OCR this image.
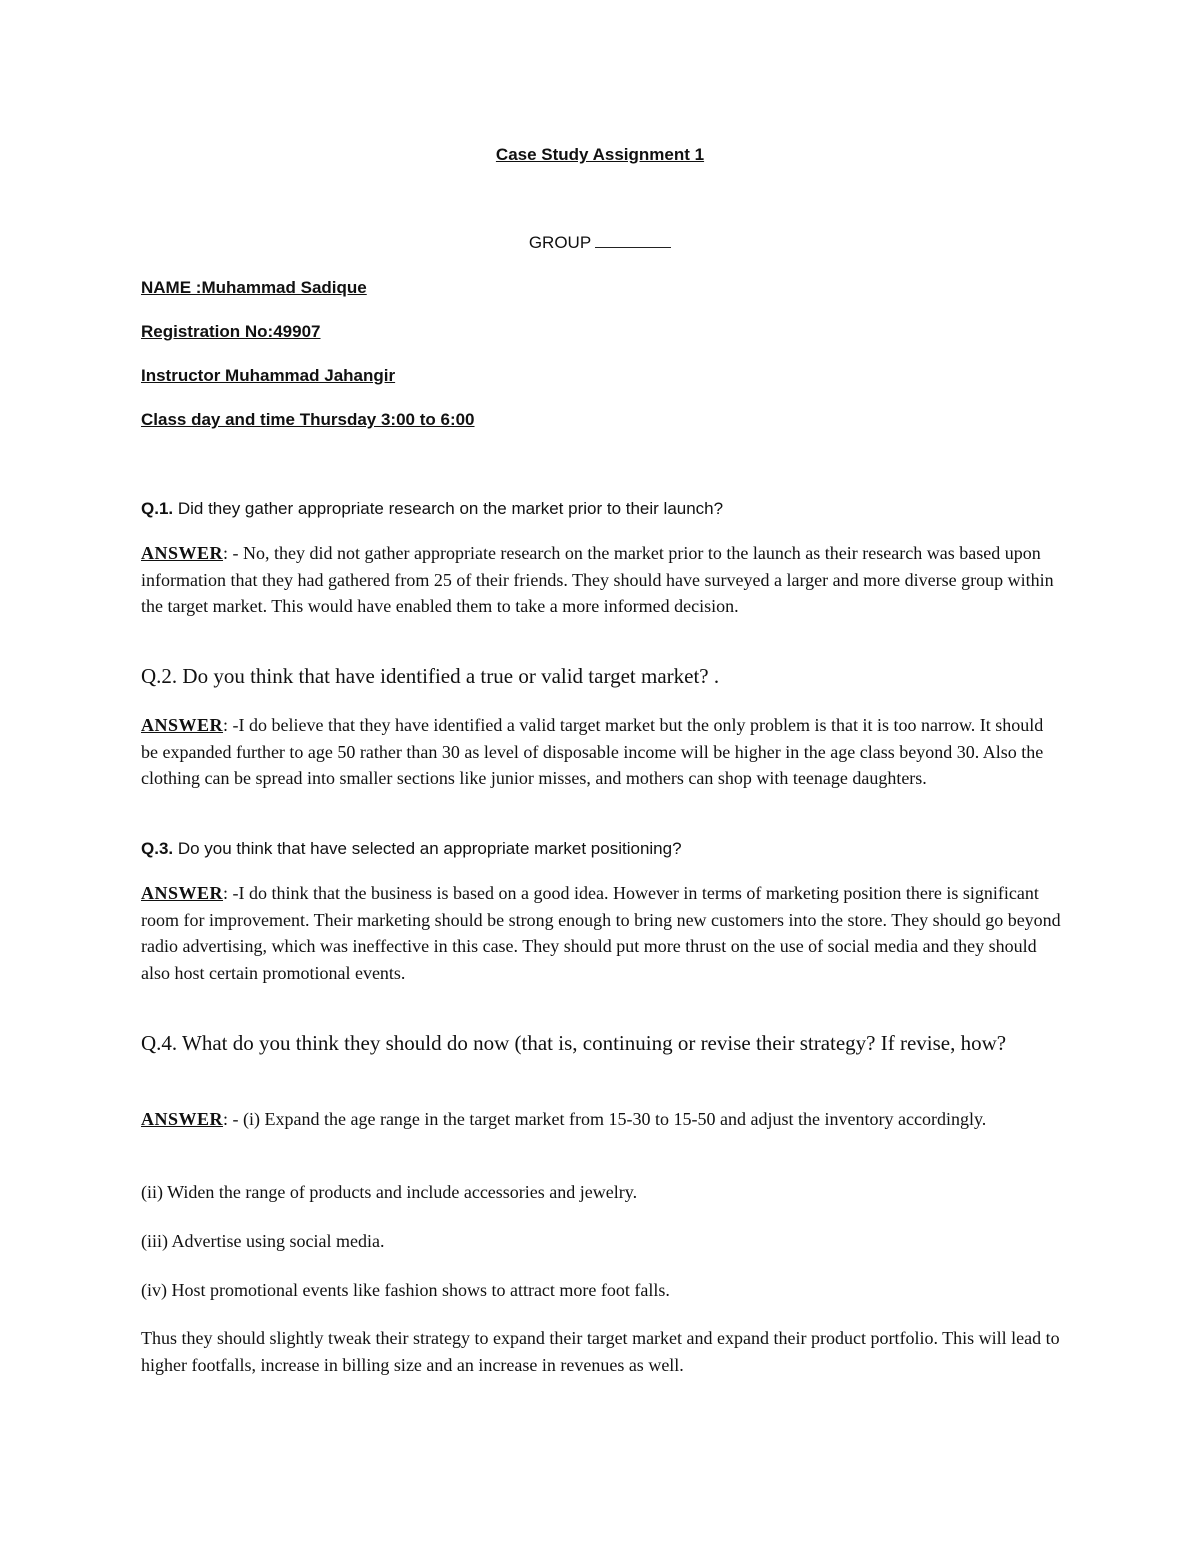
Case Study Assignment 1
GROUP
NAME :Muhammad Sadique
Registration No:49907
Instructor Muhammad Jahangir
Class day and time Thursday 3:00 to 6:00
Q.1. Did they gather appropriate research on the market prior to their launch?
ANSWER: - No, they did not gather appropriate research on the market prior to the launch as their research was based upon information that they had gathered from 25 of their friends. They should have surveyed a larger and more diverse group within the target market. This would have enabled them to take a more informed decision.
Q.2. Do you think that have identified a true or valid target market? .
ANSWER: -I do believe that they have identified a valid target market but the only problem is that it is too narrow. It should be expanded further to age 50 rather than 30 as level of disposable income will be higher in the age class beyond 30. Also the clothing can be spread into smaller sections like junior misses, and mothers can shop with teenage daughters.
Q.3. Do you think that have selected an appropriate market positioning?
ANSWER: -I do think that the business is based on a good idea. However in terms of marketing position there is significant room for improvement. Their marketing should be strong enough to bring new customers into the store. They should go beyond radio advertising, which was ineffective in this case. They should put more thrust on the use of social media and they should also host certain promotional events.
Q.4. What do you think they should do now (that is, continuing or revise their strategy? If revise, how?
ANSWER: - (i) Expand the age range in the target market from 15-30 to 15-50 and adjust the inventory accordingly.
(ii) Widen the range of products and include accessories and jewelry.
(iii) Advertise using social media.
(iv) Host promotional events like fashion shows to attract more foot falls.
Thus they should slightly tweak their strategy to expand their target market and expand their product portfolio. This will lead to higher footfalls, increase in billing size and an increase in revenues as well.
